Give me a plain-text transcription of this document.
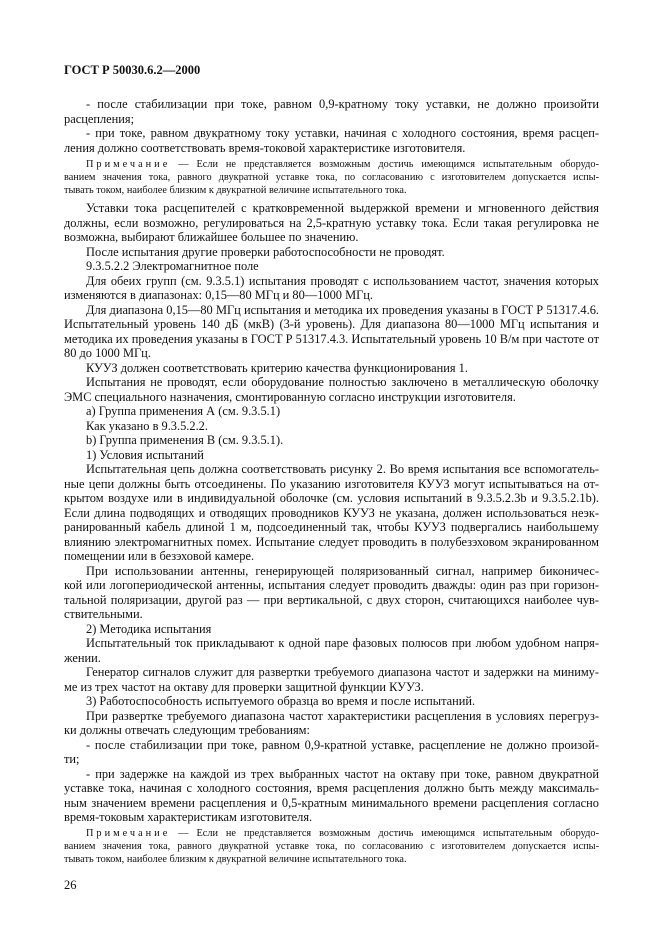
ГОСТ Р 50030.6.2—2000
- после стабилизации при токе, равном 0,9-кратному току уставки, не должно произойти
расцепления;
- при токе, равном двукратному току уставки, начиная с холодного состояния, время расцеп-
ления должно соответствовать время-токовой характеристике изготовителя.
Примечание — Если не представляется возможным достичь имеющимся испытательным оборудо-
ванием значения тока, равного двукратной уставке тока, по согласованию с изготовителем допускается испы-
тывать током, наиболее близким к двукратной величине испытательного тока.
Уставки тока расцепителей с кратковременной выдержкой времени и мгновенного действия
должны, если возможно, регулироваться на 2,5-кратную уставку тока. Если такая регулировка не
возможна, выбирают ближайшее большее по значению.
После испытания другие проверки работоспособности не проводят.
9.3.5.2.2 Электромагнитное поле
Для обеих групп (см. 9.3.5.1) испытания проводят с использованием частот, значения которых
изменяются в диапазонах: 0,15—80 МГц и 80—1000 МГц.
Для диапазона 0,15—80 МГц испытания и методика их проведения указаны в ГОСТ Р 51317.4.6.
Испытательный уровень 140 дБ (мкВ) (3-й уровень). Для диапазона 80—1000 МГц испытания и
методика их проведения указаны в ГОСТ Р 51317.4.3. Испытательный уровень 10 В/м при частоте от
80 до 1000 МГц.
КУУЗ должен соответствовать критерию качества функционирования 1.
Испытания не проводят, если оборудование полностью заключено в металлическую оболочку
ЭМС специального назначения, смонтированную согласно инструкции изготовителя.
a) Группа применения А (см. 9.3.5.1)
Как указано в 9.3.5.2.2.
b) Группа применения В (см. 9.3.5.1).
1) Условия испытаний
Испытательная цепь должна соответствовать рисунку 2. Во время испытания все вспомогатель-
ные цепи должны быть отсоединены. По указанию изготовителя КУУЗ могут испытываться на от-
крытом воздухе или в индивидуальной оболочке (см. условия испытаний в 9.3.5.2.3b и 9.3.5.2.1b).
Если длина подводящих и отводящих проводников КУУЗ не указана, должен использоваться неэк-
ранированный кабель длиной 1 м, подсоединенный так, чтобы КУУЗ подвергались наибольшему
влиянию электромагнитных помех. Испытание следует проводить в полубезэховом экранированном
помещении или в безэховой камере.
При использовании антенны, генерирующей поляризованный сигнал, например биконичес-
кой или логопериодической антенны, испытания следует проводить дважды: один раз при горизон-
тальной поляризации, другой раз — при вертикальной, с двух сторон, считающихся наиболее чув-
ствительными.
2) Методика испытания
Испытательный ток прикладывают к одной паре фазовых полюсов при любом удобном напря-
жении.
Генератор сигналов служит для развертки требуемого диапазона частот и задержки на миниму-
ме из трех частот на октаву для проверки защитной функции КУУЗ.
3) Работоспособность испытуемого образца во время и после испытаний.
При развертке требуемого диапазона частот характеристики расцепления в условиях перегруз-
ки должны отвечать следующим требованиям:
- после стабилизации при токе, равном 0,9-кратной уставке, расцепление не должно произой-
ти;
- при задержке на каждой из трех выбранных частот на октаву при токе, равном двукратной
уставке тока, начиная с холодного состояния, время расцепления должно быть между максималь-
ным значением времени расцепления и 0,5-кратным минимального времени расцепления согласно
время-токовым характеристикам изготовителя.
Примечание — Если не представляется возможным достичь имеющимся испытательным оборудо-
ванием значения тока, равного двукратной уставке тока, по согласованию с изготовителем допускается испы-
тывать током, наиболее близким к двукратной величине испытательного тока.
26
